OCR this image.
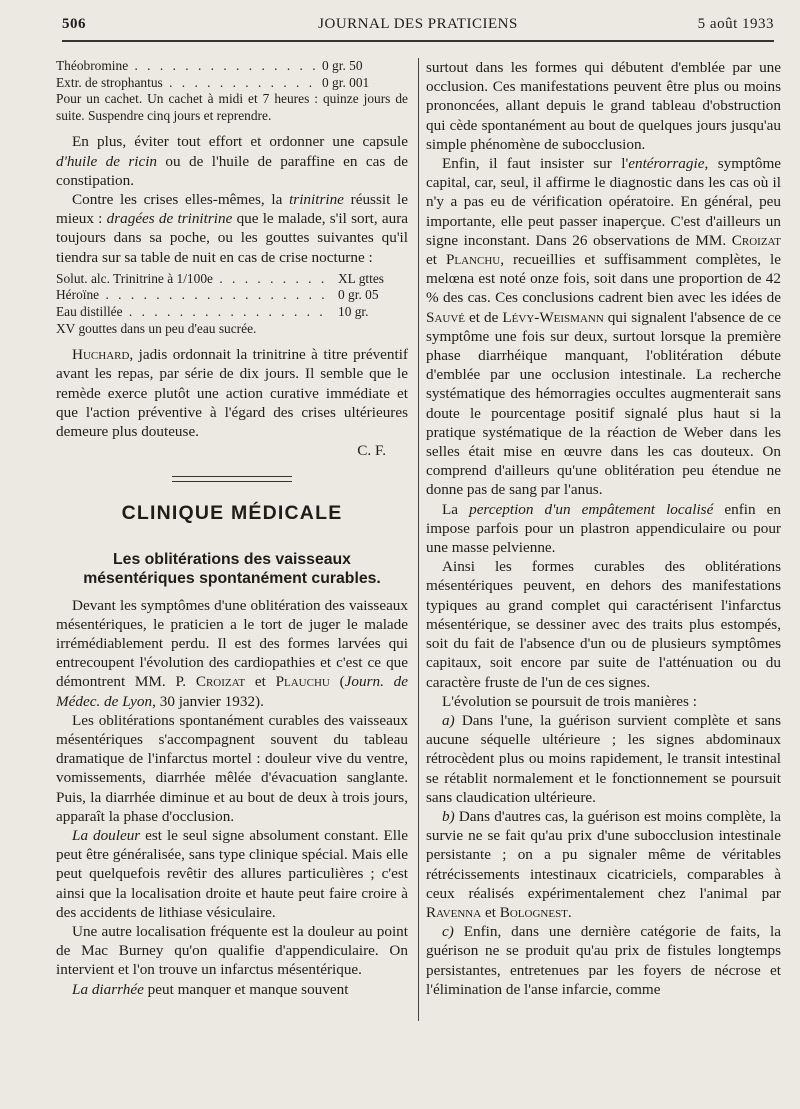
506	JOURNAL DES PRATICIENS	5 août 1933
Théobromine . . .	0 gr. 50
Extr. de strophantus . . .	0 gr. 001
Pour un cachet. Un cachet à midi et 7 heures : quinze jours de suite. Suspendre cinq jours et reprendre.

En plus, éviter tout effort et ordonner une capsule d'huile de ricin ou de l'huile de paraffine en cas de constipation.

Contre les crises elles-mêmes, la trinitrine réussit le mieux : dragées de trinitrine que le malade, s'il sort, aura toujours dans sa poche, ou les gouttes suivantes qu'il tiendra sur sa table de nuit en cas de crise nocturne :

Solut. alc. Trinitrine à 1/100e . . .	XL gttes
Héroïne . . .	0 gr. 05
Eau distillée . . .	10 gr.
XV gouttes dans un peu d'eau sucrée.

Huchard, jadis ordonnait la trinitrine à titre préventif avant les repas, par série de dix jours. Il semble que le remède exerce plutôt une action curative immédiate et que l'action préventive à l'égard des crises ultérieures demeure plus douteuse.

C. F.
CLINIQUE MÉDICALE
Les oblitérations des vaisseaux mésentériques spontanément curables.

Devant les symptômes d'une oblitération des vaisseaux mésentériques, le praticien a le tort de juger le malade irrémédiablement perdu. Il est des formes larvées qui entrecoupent l'évolution des cardiopathies et c'est ce que démontrent MM. P. Croizat et Plauchu (Journ. de Médec. de Lyon, 30 janvier 1932).

Les oblitérations spontanément curables des vaisseaux mésentériques s'accompagnent souvent du tableau dramatique de l'infarctus mortel : douleur vive du ventre, vomissements, diarrhée mêlée d'évacuation sanglante. Puis, la diarrhée diminue et au bout de deux à trois jours, apparaît la phase d'occlusion.

La douleur est le seul signe absolument constant. Elle peut être généralisée, sans type clinique spécial. Mais elle peut quelquefois revêtir des allures particulières ; c'est ainsi que la localisation droite et haute peut faire croire à des accidents de lithiase vésiculaire.

Une autre localisation fréquente est la douleur au point de Mac Burney qu'on qualifie d'appendiculaire. On intervient et l'on trouve un infarctus mésentérique.

La diarrhée peut manquer et manque souvent

surtout dans les formes qui débutent d'emblée par une occlusion. Ces manifestations peuvent être plus ou moins prononcées, allant depuis le grand tableau d'obstruction qui cède spontanément au bout de quelques jours jusqu'au simple phénomène de subocclusion.

Enfin, il faut insister sur l'entérorragie, symptôme capital, car, seul, il affirme le diagnostic dans les cas où il n'y a pas eu de vérification opératoire. En général, peu importante, elle peut passer inaperçue. C'est d'ailleurs un signe inconstant. Dans 26 observations de MM. Croizat et Planchu, recueillies et suffisamment complètes, le melœna est noté onze fois, soit dans une proportion de 42 % des cas. Ces conclusions cadrent bien avec les idées de Sauvé et de Lévy-Weismann qui signalent l'absence de ce symptôme une fois sur deux, surtout lorsque la première phase diarrhéique manquant, l'oblitération débute d'emblée par une occlusion intestinale. La recherche systématique des hémorragies occultes augmenterait sans doute le pourcentage positif signalé plus haut si la pratique systématique de la réaction de Weber dans les selles était mise en œuvre dans les cas douteux. On comprend d'ailleurs qu'une oblitération peu étendue ne donne pas de sang par l'anus.

La perception d'un empâtement localisé enfin en impose parfois pour un plastron appendiculaire ou pour une masse pelvienne.

Ainsi les formes curables des oblitérations mésentériques peuvent, en dehors des manifestations typiques au grand complet qui caractérisent l'infarctus mésentérique, se dessiner avec des traits plus estompés, soit du fait de l'absence d'un ou de plusieurs symptômes capitaux, soit encore par suite de l'atténuation ou du caractère fruste de l'un de ces signes.

L'évolution se poursuit de trois manières :

a) Dans l'une, la guérison survient complète et sans aucune séquelle ultérieure ; les signes abdominaux rétrocèdent plus ou moins rapidement, le transit intestinal se rétablit normalement et le fonctionnement se poursuit sans claudication ultérieure.

b) Dans d'autres cas, la guérison est moins complète, la survie ne se fait qu'au prix d'une subocclusion intestinale persistante ; on a pu signaler même de véritables rétrécissements intestinaux cicatriciels, comparables à ceux réalisés expérimentalement chez l'animal par Ravenna et Bolognest.

c) Enfin, dans une dernière catégorie de faits, la guérison ne se produit qu'au prix de fistules longtemps persistantes, entretenues par les foyers de nécrose et l'élimination de l'anse infarcie, comme
